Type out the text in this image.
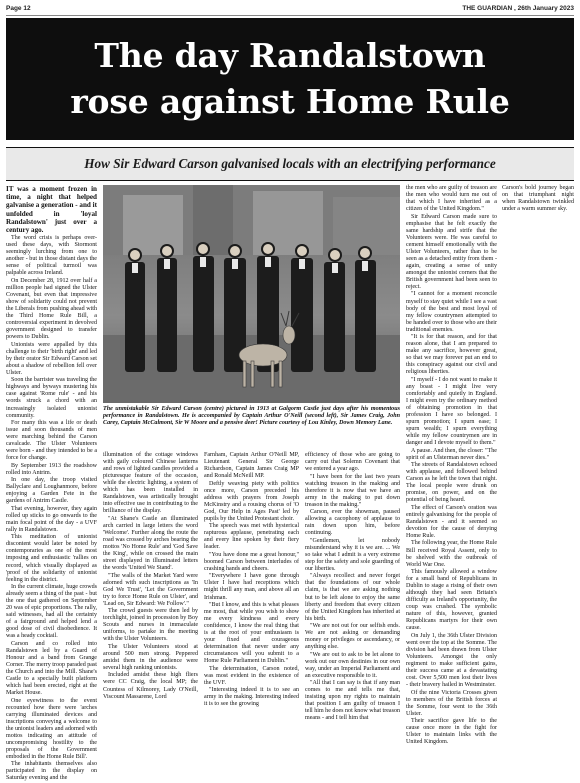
Page 12	THE GUARDIAN , 26th January 2023
The day Randalstown
rose against Home Rule
How Sir Edward Carson galvanised locals with an electrifying performance

IT was a moment frozen in time, a night that helped galvanise a generation - and it unfolded in 'loyal Randalstown' just over a century ago.

The word crisis is perhaps over-used these days, with Stormont seemingly lurching from one to another - but in those distant days the sense of political turmoil was palpable across Ireland.

On December 28, 1912 over half a million people had signed the Ulster Covenant, but even that impressive show of solidarity could not prevent the Liberals from pushing ahead with the Third Home Rule Bill, a controversial experiment in devolved government designed to transfer powers to Dublin.

Unionists were appalled by this challenge to their 'birth right' and led by their orator Sir Edward Carson set about a shadow of rebellion fell over Ulster.

Soon the barrister was traveling the highways and byways mustering his case against 'Rome rule' - and his words struck a chord with an increasingly isolated unionist community.

For many this was a life or death issue and soon thousands of men were marching behind the Carson cavalcade. The Ulster Volunteers were born - and they intended to be a force for change.

By September 1913 the roadshow rolled into Antrim.

In one day, the troop visited Ballyclare and Loughanmore, before enjoying a Garden Fete in the gardens of Antrim Castle.

That evening, however, they again rolled up sticks to go onwards to the main focal point of the day - a UVF rally in Randalstown.

This meditation of unionist discontent would later be noted by contemporaries as one of the most imposing and enthusiastic 'rallies on record, which visually displayed as 'proof of the solidarity of unionist feeling in the district.

In the current climate, huge crowds already seem a thing of the past - but the one that gathered on September 20 was of epic proportions. The rally, said witnesses, had all the certainty of a fairground and helped lend a good dose of civil disobedience. It was a heady cocktail.

Carson and co rolled into Randalstown led by a Guard of Honour and a band from Grange Corner. The merry troop paraded past the Church and into the Mill. Shane's Castle to a specially built platform which had been erected, right at the Market House.

One eyewitness to the event recounted how there were 'arches carrying illuminated devices and inscriptions conveying a welcome to the unionist leaders and adorned with mottos indicating an attitude of uncompromising hostility to the proposals of the Government embodied in the Home Rule Bill'.

The inhabitants themselves also participated in the display on Saturday evening and the

The unmistakable Sir Edward Carson (centre) pictured in 1913 at Galgorm Castle just days after his momentous performance in Randalstown. He is accompanied by Captain Arthur O'Neill (second left), Sir James Craig, John Carey, Captain McCalmont, Sir W Moore and a pensive deer! Picture courtesy of Lou Kinley, Down Memory Lane.

illumination of the cottage windows with gaily coloured Chinese lanterns and rows of lighted candles provided a picturesque feature of the occasion, while the electric lighting, a system of which has been installed in Randalstown, was artistically brought into effective use in contributing to the brilliance of the display.

"At Shane's Castle an illuminated arch carried in large letters the word 'Welcome'. Further along the route the road was crossed by arches bearing the mottos 'No Home Rule' and 'God Save the King', while on crossed the main street displayed in illuminated letters the words 'United We Stand'.

"The walls of the Market Yard were adorned with such inscriptions as 'In God We Trust', 'Let the Government try to force Home Rule on Ulster', and 'Lead on, Sir Edward: We Follow'."

The crowd guests were then led by torchlight, joined in procession by Boy Scouts and nurses in immaculate uniforms, to partake in the meeting with the Ulster Volunteers.

The Ulster Volunteers stood at around 500 men strong. Peppered amidst them in the audience were several high ranking unionists.

Included amidst these high fliers were CC Craig, the local MP; the Countess of Kilmorey, Lady O'Neill, Viscount Massarene, Lord

Farnham, Captain Arthur O'Neill MP, Lieutenant General Sir George Richardson, Captain James Craig MP and Ronald McNeill MP.

Deftly weaving piety with politics once more, Carson preceded his address with prayers from Joseph McKinstry and a rousing chorus of 'O God, Our Help in Ages Past' led by pupils by the United Protestant choir.

The speech was met with hysterical rapturous applause, penetrating each and every line spoken by their fiery leader.

"You have done me a great honour," boomed Carson between interludes of crashing hands and cheers.

"Everywhere I have gone through Ulster I have had receptions which might thrill any man, and above all an Irishman.

"But I know, and this is what pleases me most, that while you wish to show me every kindness and every confidence, I know the real thing that is at the root of your enthusiasm is your fixed and courageous determination that never under any circumstances will you submit to a Home Rule Parliament in Dublin."

The determination, Carson noted, was most evident in the existence of the UVF.

"Interesting indeed it is to see an army in the making. Interesting indeed it is to see the growing

efficiency of those who are going to carry out that Solemn Covenant that we entered a year ago.

"I have been for the last two years watching treason in the making and therefore it is now that we have an army in the making to put down treason in the making."

Carson, ever the showman, paused allowing a cacophony of applause to rain down upon him, before continuing.

"Gentlemen, let nobody misunderstand why it is we are. ... We so take what I admit is a very extreme step for the safety and sole guarding of our liberties.

"Always recollect and never forget that the foundations of our whole claim, is that we are asking nothing but to be left alone to enjoy the same liberty and freedom that every citizen of the United Kingdom has inherited at his birth.

"We are not out for our selfish ends. We are not asking or demanding money or privileges or ascendancy, or anything else.

"We are out to ask to be let alone to work out our own destinies in our own way, under an Imperial Parliament and an executive responsible to it.

"All that I can say is that if any man comes to me and tells me that, insisting upon my rights to maintain that position I am guilty of treason I tell him he does not know what treason means - and I tell him that

the men who are guilty of treason are the men who would turn me out of that which I have inherited as a citizen of the United Kingdom."

Sir Edward Carson made sure to emphasise that he felt exactly the same hardship and strife that the Volunteers were. He was careful to cement himself emotionally with the Ulster Volunteers, rather than to be seen as a detached entity from them - again, creating a sense of unity amongst the unionist corners that the British government had been seen to reject.

"I cannot for a moment reconcile myself to stay quiet while I see a vast body of the best and most loyal of my fellow countrymen attempted to be handed over to those who are their traditional enemies.

"It is for that reason, and for that reason alone, that I am prepared to make any sacrifice, however great, so that we may forever put an end to this conspiracy against our civil and religious liberties.

"I myself - I do not want to make it any boast - I might live very comfortably and quietly in England. I might even try the ordinary method of obtaining promotion in that profession I have so belonged. I spurn promotion; I spurn ease; I spurn wealth; I spurn everything while my fellow countrymen are in danger and I devote myself to them."

A pause. And then, the closer: "The spirit of an Ulsterman never dies."

The streets of Randalstown echoed with applause, and followed behind Carson as he left the town that night. The local people were drunk on promise, on power, and on the potential of being heard.

The effect of Carson's oration was entirely galvanising for the people of Randalstown - and it seemed so devotion for the cause of denying Home Rule.

The following year, the Home Rule Bill received Royal Assent, only to be shelved with the outbreak of World War One.

This famously allowed a window for a small band of Republicans in Dublin to stage a rising of their own although they had seen Britain's difficulty as Ireland's opportunity, the coup was crushed. The symbolic nature of this, however, granted Republicans martyrs for their own cause.

On July 1, the 36th Ulster Division went over the top at the Somme. The division had been drawn from Ulster Volunteers. Amongst the only regiment to make sufficient gains, their success came at a devastating cost. Over 5,500 men lost their lives - their bravery hailed in Westminster.

Of the nine Victoria Crosses given to members of the British forces at the Somme, four went to the 36th Ulster.

Their sacrifice gave life to the cause once more in the fight for Ulster to maintain links with the United Kingdom.

Carson's bold journey began on that triumphant night when Randalstown twinkled under a warm summer sky.
